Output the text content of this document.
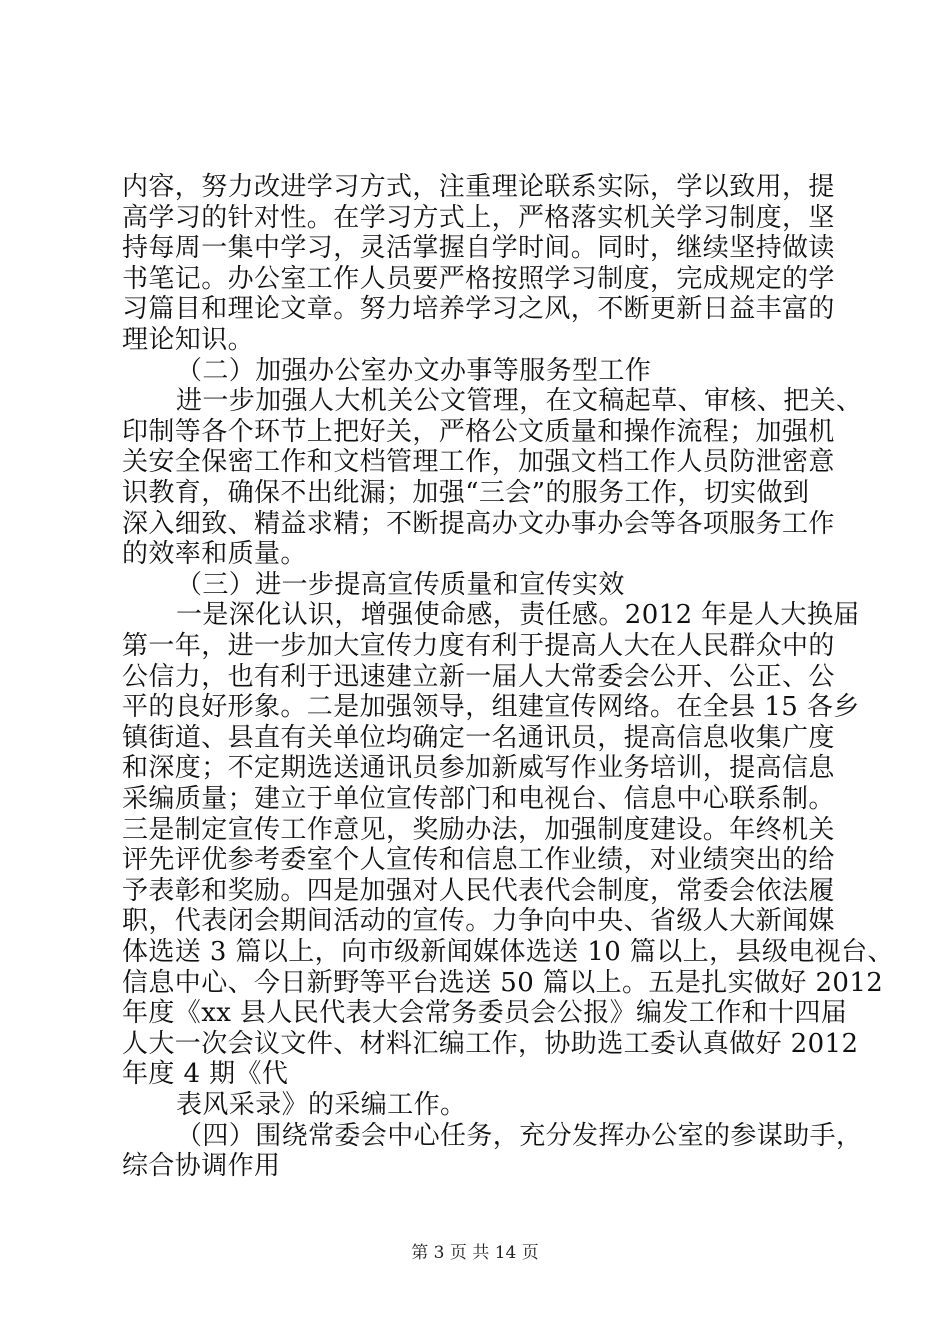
内容，努力改进学习方式，注重理论联系实际，学以致用，提
高学习的针对性。在学习方式上，严格落实机关学习制度，坚
持每周一集中学习，灵活掌握自学时间。同时，继续坚持做读
书笔记。办公室工作人员要严格按照学习制度，完成规定的学
习篇目和理论文章。努力培养学习之风，不断更新日益丰富的
理论知识。
（二）加强办公室办文办事等服务型工作
进一步加强人大机关公文管理，在文稿起草、审核、把关、
印制等各个环节上把好关，严格公文质量和操作流程；加强机
关安全保密工作和文档管理工作，加强文档工作人员防泄密意
识教育，确保不出纰漏；加强“三会”的服务工作，切实做到
深入细致、精益求精；不断提高办文办事办会等各项服务工作
的效率和质量。
（三）进一步提高宣传质量和宣传实效
一是深化认识，增强使命感，责任感。2012 年是人大换届
第一年，进一步加大宣传力度有利于提高人大在人民群众中的
公信力，也有利于迅速建立新一届人大常委会公开、公正、公
平的良好形象。二是加强领导，组建宣传网络。在全县 15 各乡
镇街道、县直有关单位均确定一名通讯员，提高信息收集广度
和深度；不定期选送通讯员参加新威写作业务培训，提高信息
采编质量；建立于单位宣传部门和电视台、信息中心联系制。
三是制定宣传工作意见，奖励办法，加强制度建设。年终机关
评先评优参考委室个人宣传和信息工作业绩，对业绩突出的给
予表彰和奖励。四是加强对人民代表代会制度，常委会依法履
职，代表闭会期间活动的宣传。力争向中央、省级人大新闻媒
体选送 3 篇以上，向市级新闻媒体选送 10 篇以上，县级电视台、
信息中心、今日新野等平台选送 50 篇以上。五是扎实做好 2012
年度《xx 县人民代表大会常务委员会公报》编发工作和十四届
人大一次会议文件、材料汇编工作，协助选工委认真做好 2012
年度 4 期《代
表风采录》的采编工作。
（四）围绕常委会中心任务，充分发挥办公室的参谋助手，
综合协调作用
第 3 页 共 14 页
